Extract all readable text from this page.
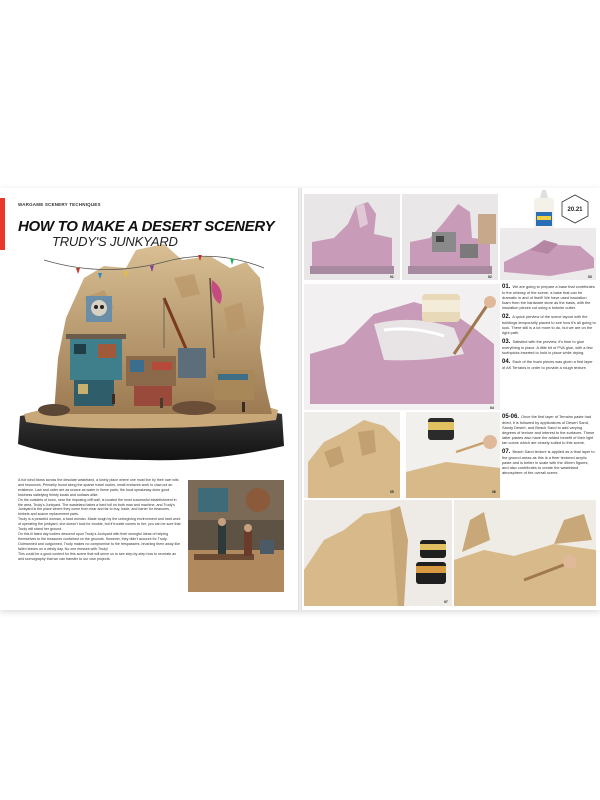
WARGAME SCENERY TECHNIQUES
HOW TO MAKE A DESERT SCENERY
TRUDY'S JUNKYARD

A hot wind blows across the desolate wasteland, a lonely place where one must live by their own wits and resources. Primarily found along the sparse travel routes, small enclaves work to claw out an existence. Law and order are as scarce as water in these parts; the local speakeasy does good business satisfying thirsty locals and outlaws alike.

On the outskirts of town, near the imposing cliff wall, is located the most successful establishment in the area, Trudy's Junkyard. The wasteland takes a hard toll on both man and machine, and Trudy's Junkyard is the place where they come from near and far to buy, trade, and barter for treasures, trinkets and scarce replacement parts.

Trudy is a peaceful woman, a hard woman. Made tough by the unforgiving environment and hard work of operating the junkyard, she doesn't look for trouble, but if trouble comes to her, you can be sure that Trudy will stand her ground.

On this ill fated day looters descend upon Trudy's Junkyard with their wrongful ideas of helping themselves to the treasures contained on the grounds. However, they didn't account for Trudy. Outmanned and outgunned, Trudy makes no compromise to the trespassers, brushing them away like fallen leaves on a windy day. No one messes with Trudy!

This could be a good context for this scene that will serve us to see step-by-step how to recreate an arid scenography that we can transfer to our own projects.

01	02
20.21
03
04
05	06
07

01. We are going to prepare a base that contributes to the whimsy of the scene, a base that can be dramatic in and of itself! We have used insulation foam from the hardware store as the basis, with the insulation pieces cut using a hotwire cutter.

02. A quick preview of the scene layout with the buildings temporarily placed to see how it's all going to look. There still is a lot more to do, but we are on the right path.

03. Satisfied with the preview, it's time to glue everything in place. A little bit of PVA glue, with a few toothpicks inserted to hold in place while drying.

04. Each of the foam pieces was given a first layer of AK Terrains in order to provide a rough texture.

05-06. Once the first layer of Terrains paste had dried, it is followed by applications of Desert Sand, Sandy Desert, and Beach Sand to add varying degrees of texture and interest to the surfaces. These latter pastes also have the added benefit of their light tan colors which are closely suited to this scene.

07. Beach Sand texture is applied as a final layer to the ground areas as this is a finer textured acrylic paste and is better in scale with the 40mm figures, and also contributes to create the wasteland atmosphere of the overall scene.
